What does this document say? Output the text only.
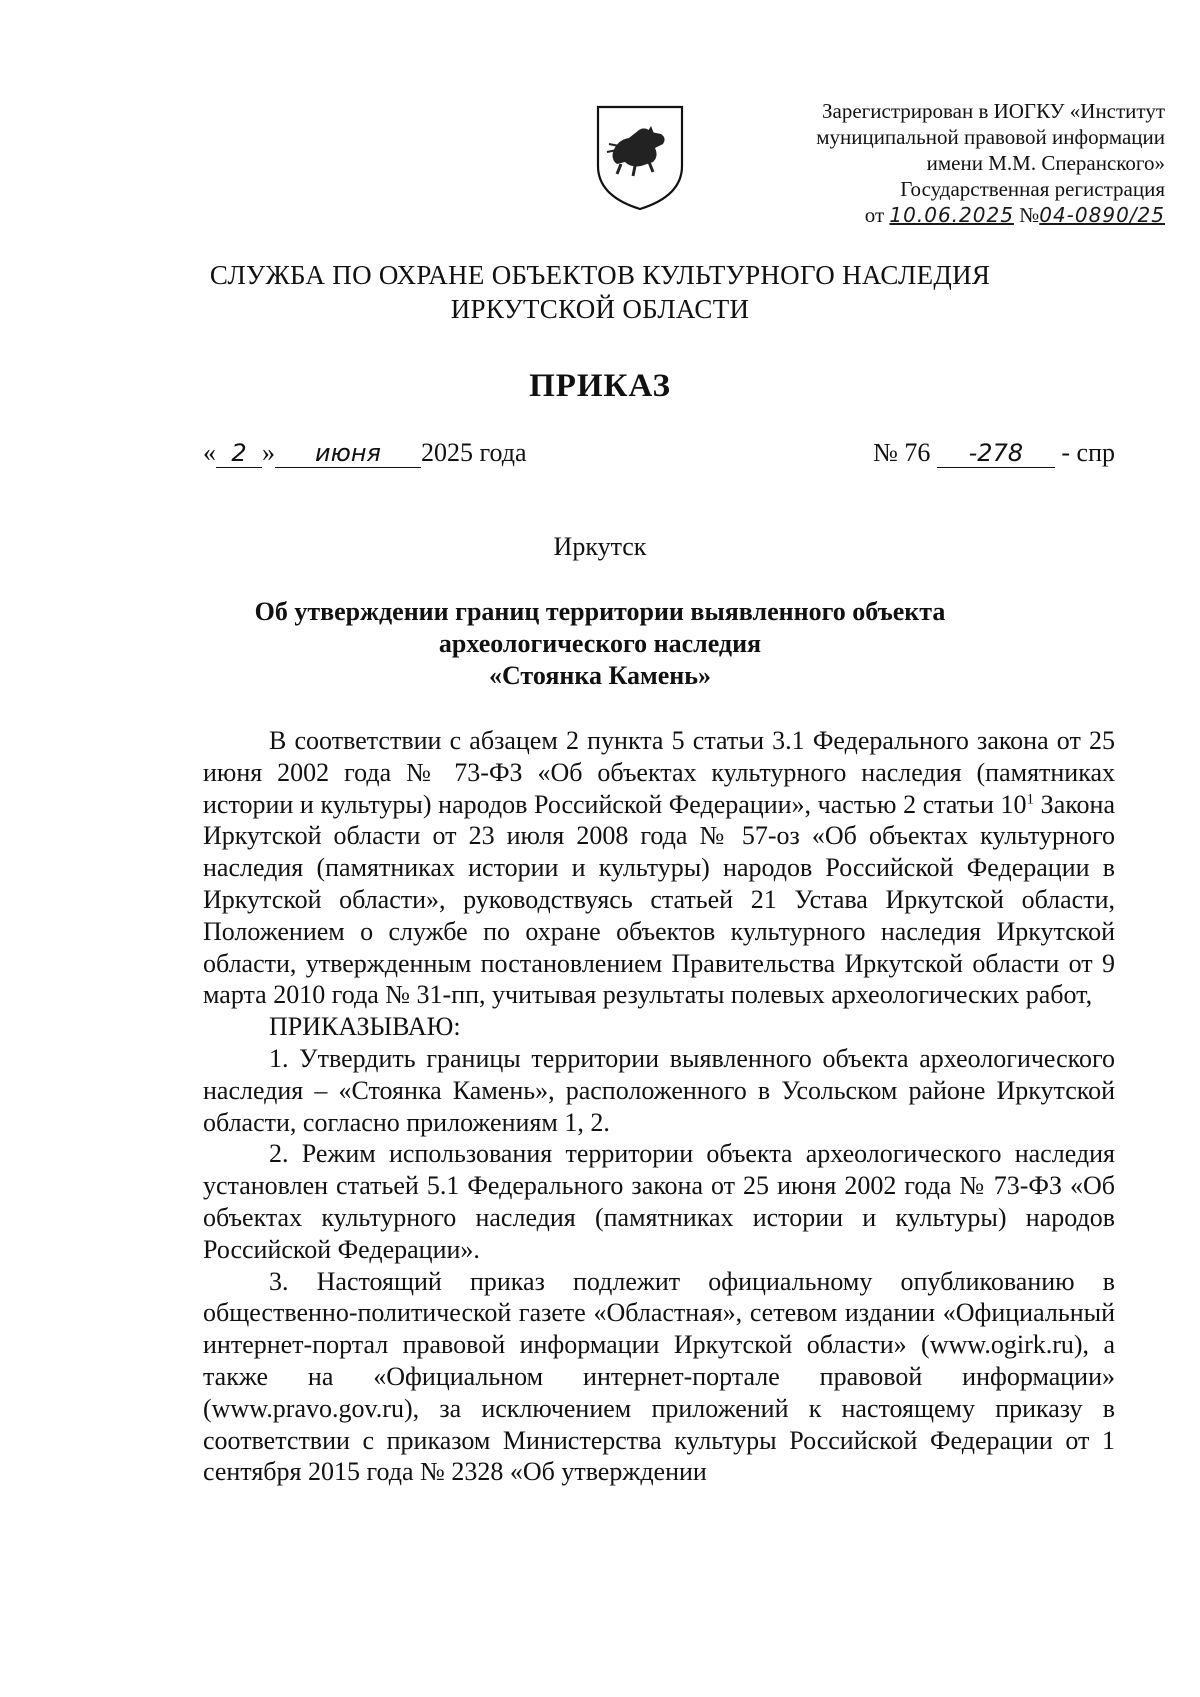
Зарегистрирован в ИОГКУ «Институт
муниципальной правовой информации
имени М.М. Сперанского»
Государственная регистрация
от 10.06.2025 №04-0890/25
СЛУЖБА ПО ОХРАНЕ ОБЪЕКТОВ КУЛЬТУРНОГО НАСЛЕДИЯ
ИРКУТСКОЙ ОБЛАСТИ
ПРИКАЗ
« 2 » июня 2025 года	№ 76 -278 - спр
Иркутск
Об утверждении границ территории выявленного объекта
археологического наследия
«Стоянка Камень»

В соответствии с абзацем 2 пункта 5 статьи 3.1 Федерального закона от 25 июня 2002 года № 73-ФЗ «Об объектах культурного наследия (памятниках истории и культуры) народов Российской Федерации», частью 2 статьи $10^1$ Закона Иркутской области от 23 июля 2008 года № 57-оз «Об объектах культурного наследия (памятниках истории и культуры) народов Российской Федерации в Иркутской области», руководствуясь статьей 21 Устава Иркутской области, Положением о службе по охране объектов культурного наследия Иркутской области, утвержденным постановлением Правительства Иркутской области от 9 марта 2010 года № 31-пп, учитывая результаты полевых археологических работ,

ПРИКАЗЫВАЮ:

1. Утвердить границы территории выявленного объекта археологического наследия – «Стоянка Камень», расположенного в Усольском районе Иркутской области, согласно приложениям 1, 2.

2. Режим использования территории объекта археологического наследия установлен статьей 5.1 Федерального закона от 25 июня 2002 года № 73-ФЗ «Об объектах культурного наследия (памятниках истории и культуры) народов Российской Федерации».

3. Настоящий приказ подлежит официальному опубликованию в общественно-политической газете «Областная», сетевом издании «Официальный интернет-портал правовой информации Иркутской области» (www.ogirk.ru), а также на «Официальном интернет-портале правовой информации» (www.pravo.gov.ru), за исключением приложений к настоящему приказу в соответствии с приказом Министерства культуры Российской Федерации от 1 сентября 2015 года № 2328 «Об утверждении
